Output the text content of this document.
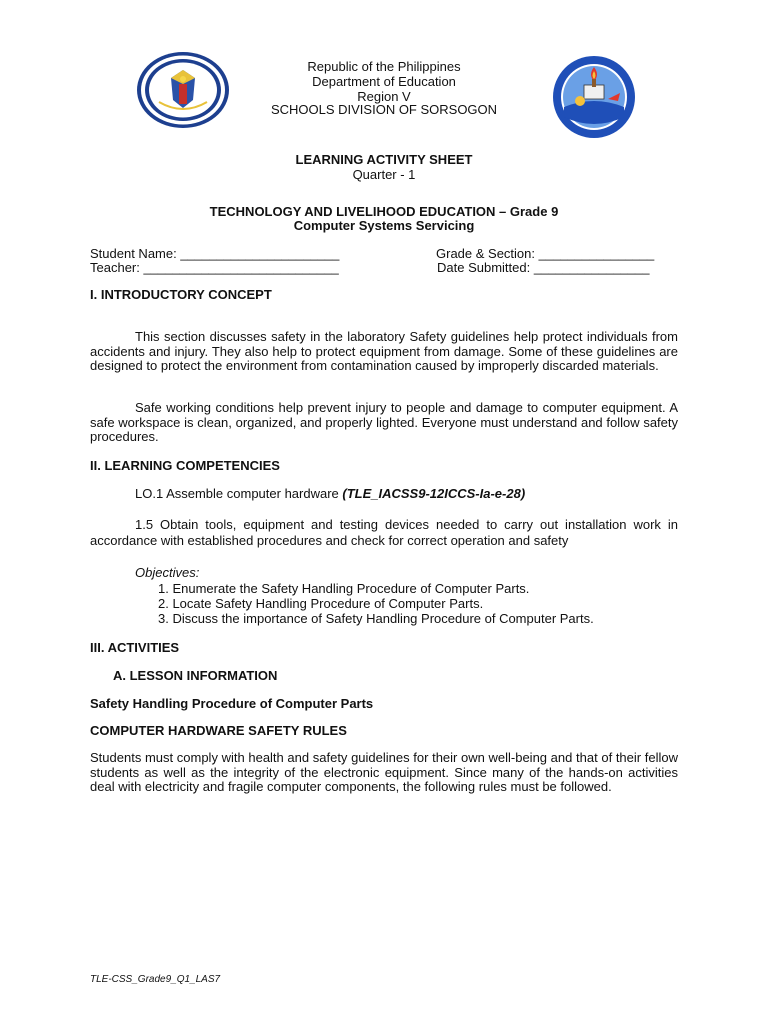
Republic of the Philippines
Department of Education
Region V
SCHOOLS DIVISION OF SORSOGON
LEARNING ACTIVITY SHEET
Quarter - 1
TECHNOLOGY AND LIVELIHOOD EDUCATION – Grade 9
Computer Systems Servicing
Student Name: ______________________
Teacher: ___________________________
Grade & Section: ________________
Date Submitted: ________________
I. INTRODUCTORY CONCEPT
This section discusses safety in the laboratory Safety guidelines help protect individuals from accidents and injury. They also help to protect equipment from damage. Some of these guidelines are designed to protect the environment from contamination caused by improperly discarded materials.
Safe working conditions help prevent injury to people and damage to computer equipment. A safe workspace is clean, organized, and properly lighted. Everyone must understand and follow safety procedures.
II. LEARNING COMPETENCIES
LO.1 Assemble computer hardware (TLE_IACSS9-12ICCS-Ia-e-28)
1.5 Obtain tools, equipment and testing devices needed to carry out installation work in accordance with established procedures and check for correct operation and safety
Objectives:
1. Enumerate the Safety Handling Procedure of Computer Parts.
2. Locate Safety Handling Procedure of Computer Parts.
3. Discuss the importance of Safety Handling Procedure of Computer Parts.
III. ACTIVITIES
A. LESSON INFORMATION
Safety Handling Procedure of Computer Parts
COMPUTER HARDWARE SAFETY RULES
Students must comply with health and safety guidelines for their own well-being and that of their fellow students as well as the integrity of the electronic equipment. Since many of the hands-on activities deal with electricity and fragile computer components, the following rules must be followed.
TLE-CSS_Grade9_Q1_LAS7
